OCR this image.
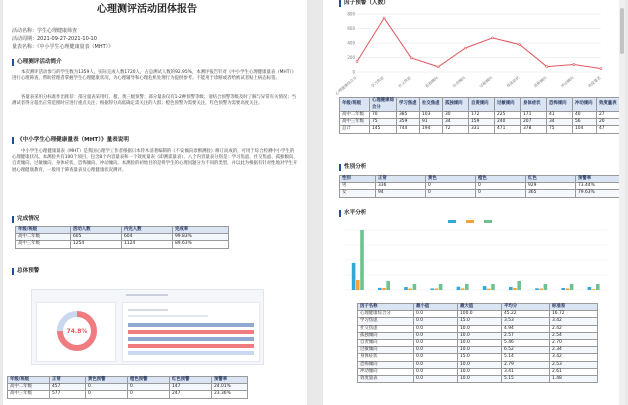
心理测评活动团体报告
活动名称：学生心理健康筛查
活动周期：2021-09-27-2021-10-10
量表名称：《中小学生心理健康量表（MHT）》
心理测评活动简介
本次测评活动参与的学生数为1359人，实际完成人数1720人，占总测试人数的92.95%，本测评报告针对《中小学生心理健康量表（MHT）》进行心理筛查，帮助管理者掌握学生心理健康状况，为心理辅导和心理危机处理行为提供参考。不能用于诊断或者给被试者贴上病态标签。
各量表采用分标准作出推荐：部分量表采用红、橙、黄三级预警；部分量表仅有1-2种预警等级；请结合预警等级及时了解与异常有关情况；当测试者得分超出正常范围时应进行重点关注；根据得分高低确定需关注的人群；橙色预警为需要关注，红色预警为需要高度关注。
《中小学生心理健康量表（MHT）》量表说明
中小学生心理健康量表（MHT）是我国心理学工作者根据日本铃木清著编制的《不安倾向诊断测验》修订而成的，可用于综合检测中小学生的心理健康状况。本测验共有100个项目，包含8个内容量表和一个效度量表（即测谎量表），八个内容量表分别是：学习焦虑、社交焦虑、孤独倾向、自责倾向、过敏倾向、身体症状、恐怖倾向、冲动倾向。本测验的初始目的是将学生的心理问题分为不同的类型，并以此为根据有针对性地对学生开展心理健康教育，一般用于筛查量表及心理健康状况测评。
完成情况
年级/班级	活动人数	内完人数	完成率
高中二年级	605	604	99.83%
高中三年级	1254	1124	89.63%
总体预警
74.8%
年级/班级	正常	黄色预警	橙色预警	红色预警	预警率
高中二年级	457	0	0	147	24.01%
高中三年级	577	0	0	247	23.36%
因子预警（人数）
0
200
400
600
800
心理健康综合分	学习焦虑	社交焦虑	孤独倾向	自责倾向	过敏倾向	身体症状	恐怖倾向	冲动倾向	效度量表
年级/班级	心理健康综合分	学习焦虑	社交焦虑	孤独倾向	自责倾向	过敏倾向	身体症状	恐怖倾向	冲动倾向	效度量表
高中二年级	70	385	103	30	172	225	171	41	40	27
高中三年级	75	359	91	34	159	240	207	34	56	20
总计	145	744	194	72	331	471	378	75	104	47
性别分析
性别	正常	黄色	橙色	红色	预警率
男	336	0	0	929	73.44%
女	94	0	0	365	79.63%
水平分析
因子名称	最小值	最大值	平均分	标准差
心理健康综合分	0.0	100.0	45.22	16.72
学习焦虑	0.0	15.0	3.53	3.42
社交焦虑	0.0	10.0	4.94	2.42
孤独倾向	0.0	10.0	2.57	2.54
自责倾向	0.0	10.0	5.46	2.70
过敏倾向	0.0	10.0	6.52	2.34
身体症状	0.0	15.0	5.14	3.42
恐怖倾向	0.0	10.0	2.79	2.53
冲动倾向	0.0	10.0	3.41	2.61
效度量表	0.0	10.0	5.15	1.48
